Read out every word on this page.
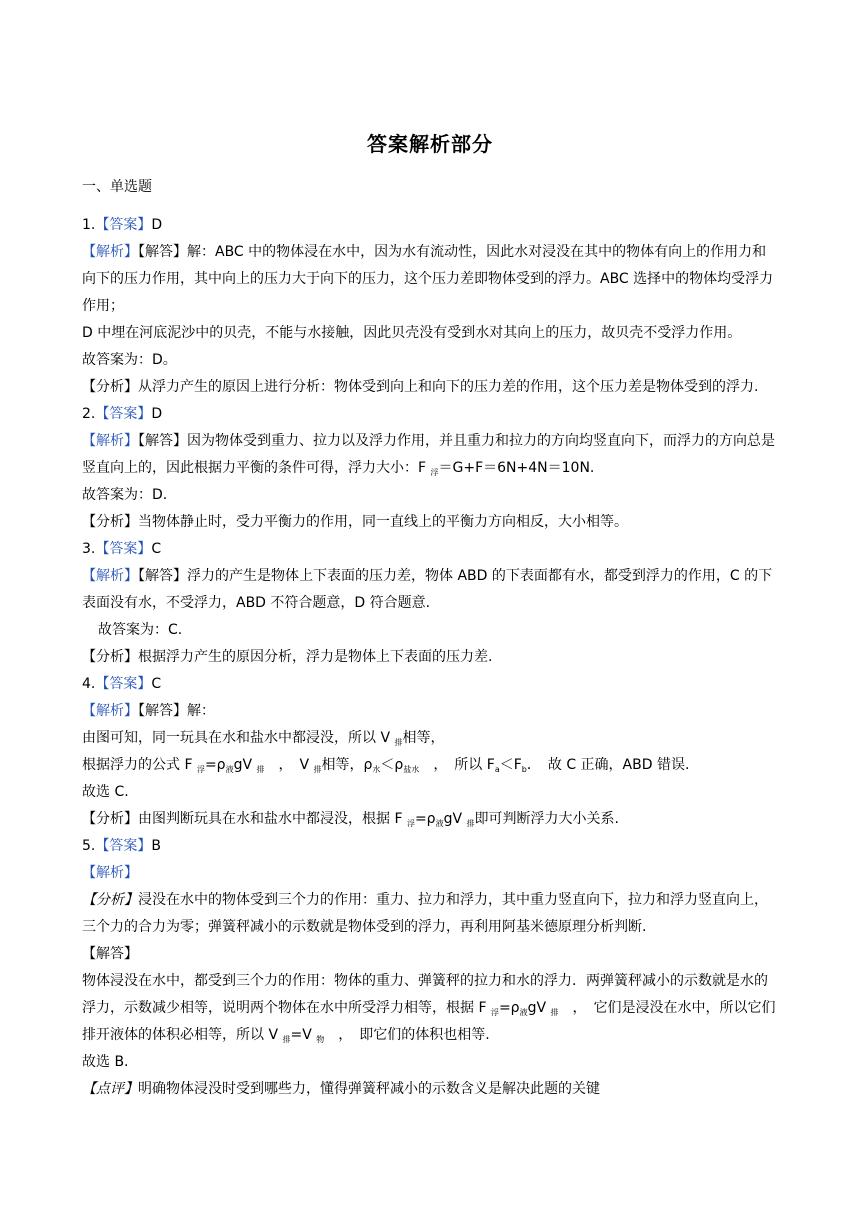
答案解析部分
一、单选题

1.【答案】D

【解析】【解答】解：ABC 中的物体浸在水中，因为水有流动性，因此水对浸没在其中的物体有向上的作用力和向下的压力作用，其中向上的压力大于向下的压力，这个压力差即物体受到的浮力。ABC 选择中的物体均受浮力作用；

D 中埋在河底泥沙中的贝壳，不能与水接触，因此贝壳没有受到水对其向上的压力，故贝壳不受浮力作用。

故答案为：D。

【分析】从浮力产生的原因上进行分析：物体受到向上和向下的压力差的作用，这个压力差是物体受到的浮力.

2.【答案】D

【解析】【解答】因为物体受到重力、拉力以及浮力作用，并且重力和拉力的方向均竖直向下，而浮力的方向总是竖直向上的，因此根据力平衡的条件可得，浮力大小：F $_浮$＝G+F＝6N+4N＝10N.

故答案为：D.

【分析】当物体静止时，受力平衡力的作用，同一直线上的平衡力方向相反，大小相等。

3.【答案】C

【解析】【解答】浮力的产生是物体上下表面的压力差，物体 ABD 的下表面都有水，都受到浮力的作用，C 的下表面没有水，不受浮力，ABD 不符合题意，D 符合题意.

故答案为：C.

【分析】根据浮力产生的原因分析，浮力是物体上下表面的压力差.

4.【答案】C

【解析】【解答】解：

由图可知，同一玩具在水和盐水中都浸没，所以 V $_排$相等，

根据浮力的公式 F $_浮=\rho_液gV$ $_排$　 ，　V $_排$相等，$\rho_水<\rho_{盐水}$　 ，　所以 $F_a<F_b$．　故 C 正确，ABD 错误.

故选 C.

【分析】由图判断玩具在水和盐水中都浸没，根据 F $_浮=\rho_液gV$ $_排$即可判断浮力大小关系.

5.【答案】B

【解析】

【分析】浸没在水中的物体受到三个力的作用：重力、拉力和浮力，其中重力竖直向下，拉力和浮力竖直向上，三个力的合力为零；弹簧秤减小的示数就是物体受到的浮力，再利用阿基米德原理分析判断.

【解答】

物体浸没在水中，都受到三个力的作用：物体的重力、弹簧秤的拉力和水的浮力．两弹簧秤减小的示数就是水的浮力，示数减少相等，说明两个物体在水中所受浮力相等，根据 F $_浮=\rho_液gV$ $_排$　 ，　它们是浸没在水中，所以它们排开液体的体积必相等，所以 V $_排$=V $_物$　 ，　即它们的体积也相等.

故选 B.

【点评】明确物体浸没时受到哪些力，懂得弹簧秤减小的示数含义是解决此题的关键
